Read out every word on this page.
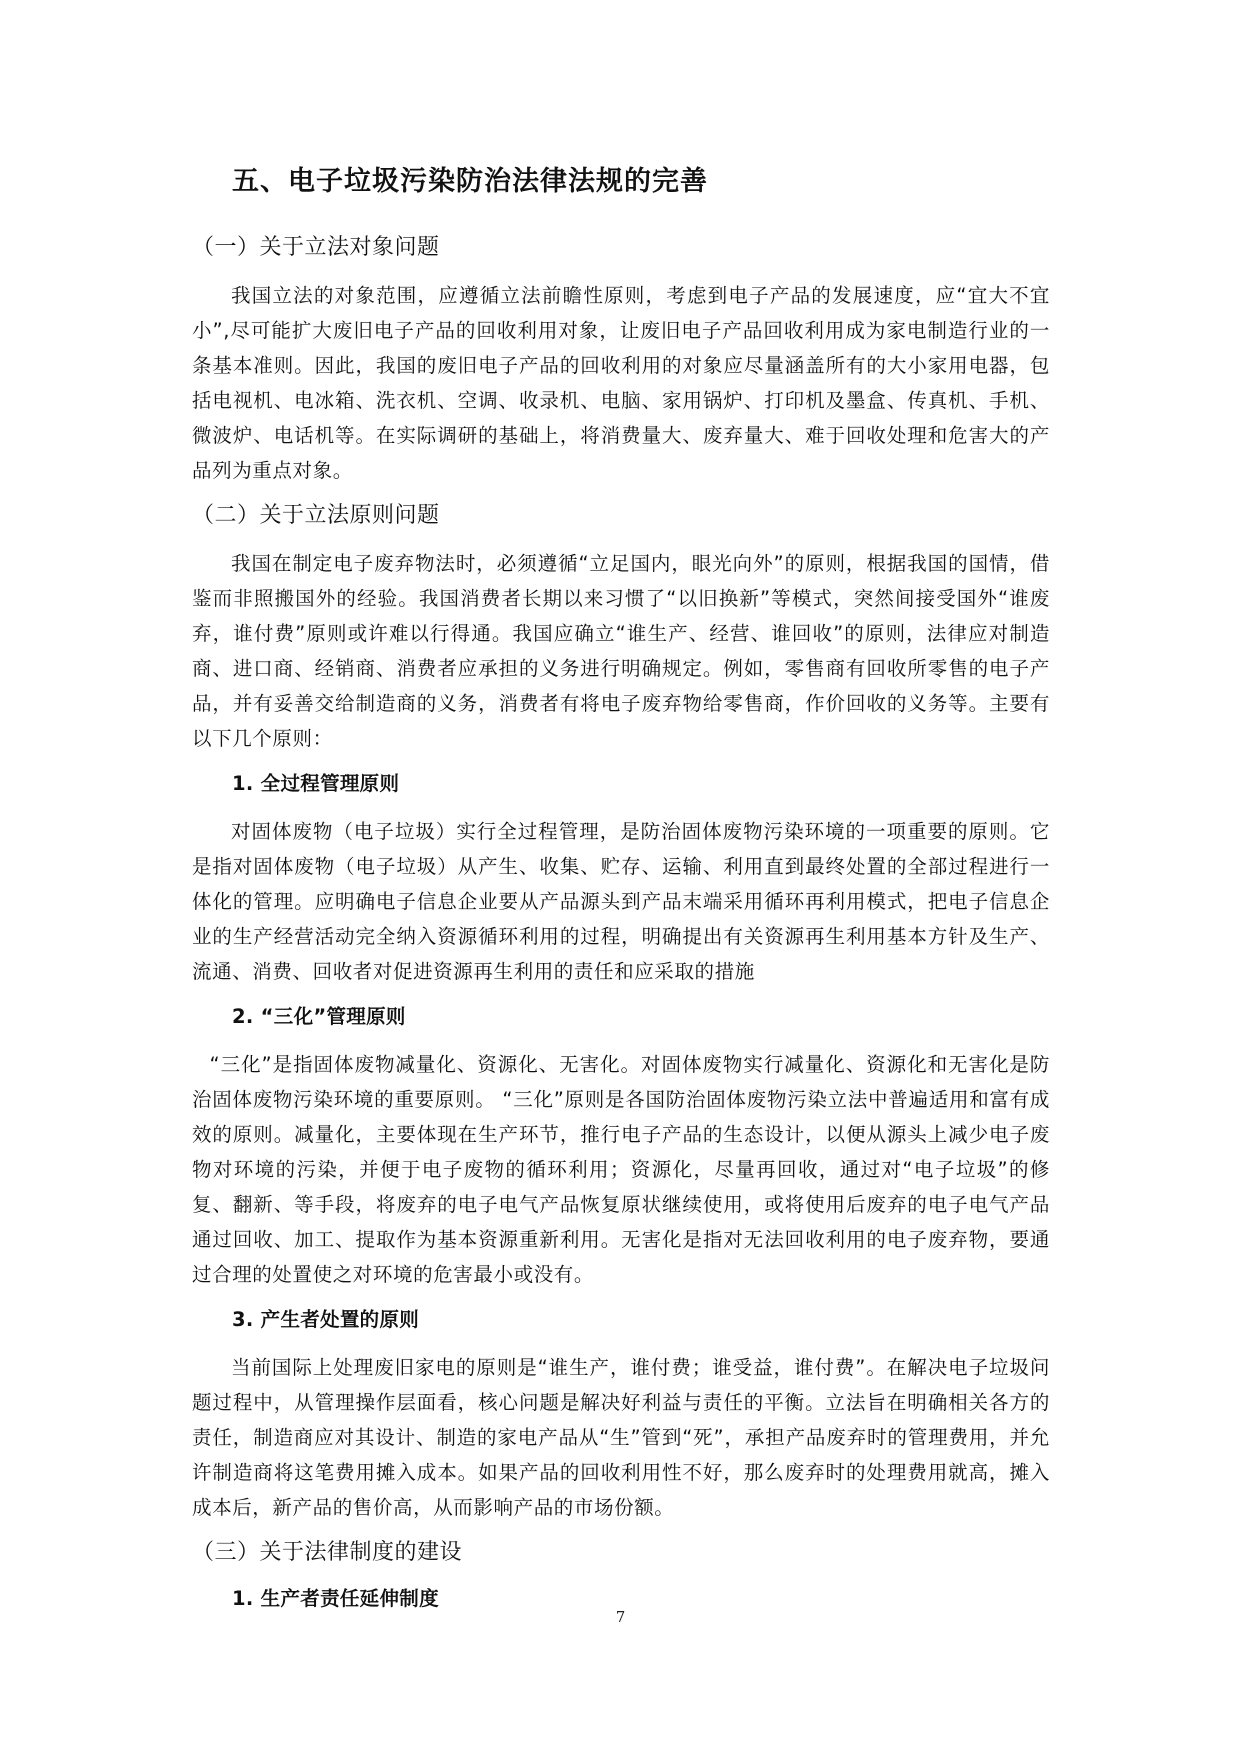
五、电子垃圾污染防治法律法规的完善
（一）关于立法对象问题

我国立法的对象范围，应遵循立法前瞻性原则，考虑到电子产品的发展速度，应“宜大不宜小”,尽可能扩大废旧电子产品的回收利用对象，让废旧电子产品回收利用成为家电制造行业的一条基本准则。因此，我国的废旧电子产品的回收利用的对象应尽量涵盖所有的大小家用电器，包括电视机、电冰箱、洗衣机、空调、收录机、电脑、家用锅炉、打印机及墨盒、传真机、手机、微波炉、电话机等。在实际调研的基础上，将消费量大、废弃量大、难于回收处理和危害大的产品列为重点对象。

（二）关于立法原则问题

我国在制定电子废弃物法时，必须遵循“立足国内，眼光向外”的原则，根据我国的国情，借鉴而非照搬国外的经验。我国消费者长期以来习惯了“以旧换新”等模式，突然间接受国外“谁废弃，谁付费”原则或许难以行得通。我国应确立“谁生产、经营、谁回收”的原则，法律应对制造商、进口商、经销商、消费者应承担的义务进行明确规定。例如，零售商有回收所零售的电子产品，并有妥善交给制造商的义务，消费者有将电子废弃物给零售商，作价回收的义务等。主要有以下几个原则：

1. 全过程管理原则

对固体废物（电子垃圾）实行全过程管理，是防治固体废物污染环境的一项重要的原则。它是指对固体废物（电子垃圾）从产生、收集、贮存、运输、利用直到最终处置的全部过程进行一体化的管理。应明确电子信息企业要从产品源头到产品末端采用循环再利用模式，把电子信息企业的生产经营活动完全纳入资源循环利用的过程，明确提出有关资源再生利用基本方针及生产、流通、消费、回收者对促进资源再生利用的责任和应采取的措施

2. “三化”管理原则

“三化”是指固体废物减量化、资源化、无害化。对固体废物实行减量化、资源化和无害化是防治固体废物污染环境的重要原则。 “三化”原则是各国防治固体废物污染立法中普遍适用和富有成效的原则。减量化，主要体现在生产环节，推行电子产品的生态设计，以便从源头上减少电子废物对环境的污染，并便于电子废物的循环利用；资源化，尽量再回收，通过对“电子垃圾”的修复、翻新、等手段，将废弃的电子电气产品恢复原状继续使用，或将使用后废弃的电子电气产品通过回收、加工、提取作为基本资源重新利用。无害化是指对无法回收利用的电子废弃物，要通过合理的处置使之对环境的危害最小或没有。

3. 产生者处置的原则

当前国际上处理废旧家电的原则是“谁生产，谁付费；谁受益，谁付费”。在解决电子垃圾问题过程中，从管理操作层面看，核心问题是解决好利益与责任的平衡。立法旨在明确相关各方的责任，制造商应对其设计、制造的家电产品从“生”管到“死”，承担产品废弃时的管理费用，并允许制造商将这笔费用摊入成本。如果产品的回收利用性不好，那么废弃时的处理费用就高，摊入成本后，新产品的售价高，从而影响产品的市场份额。

（三）关于法律制度的建设
1. 生产者责任延伸制度
7
